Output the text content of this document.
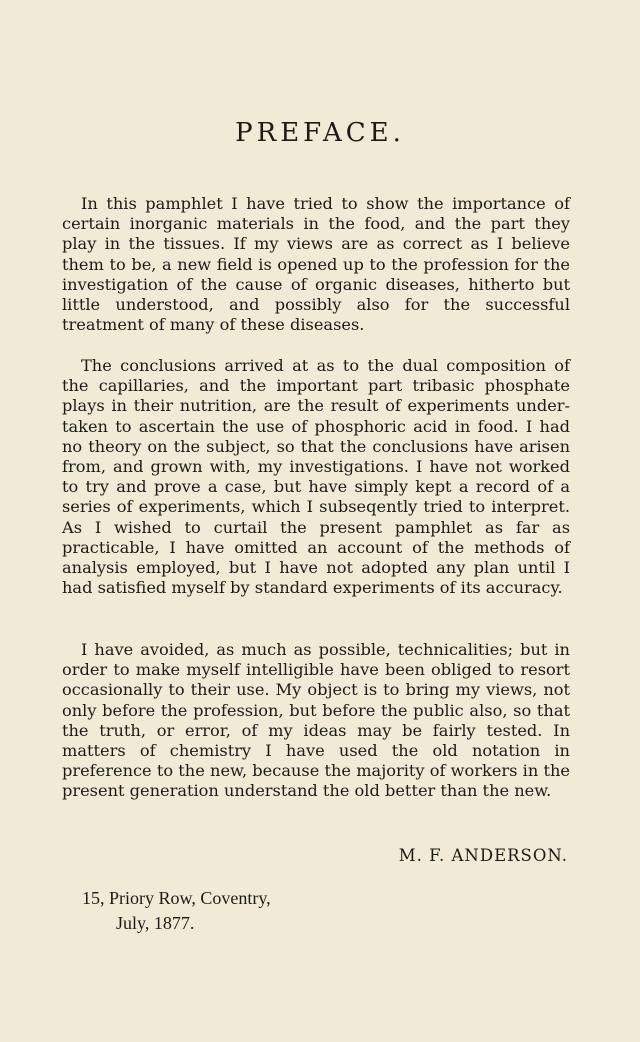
PREFACE.

In this pamphlet I have tried to show the importance of certain inorganic materials in the food, and the part they play in the tissues. If my views are as correct as I believe them to be, a new field is opened up to the profession for the investigation of the cause of organic diseases, hitherto but little understood, and possibly also for the successful treatment of many of these diseases.

The conclusions arrived at as to the dual composition of the capillaries, and the important part tribasic phosphate plays in their nutrition, are the result of experiments under-taken to ascertain the use of phosphoric acid in food. I had no theory on the subject, so that the conclusions have arisen from, and grown with, my investigations. I have not worked to try and prove a case, but have simply kept a record of a series of experiments, which I subseqently tried to interpret. As I wished to curtail the present pamphlet as far as practicable, I have omitted an account of the methods of analysis employed, but I have not adopted any plan until I had satisfied myself by standard experiments of its accuracy.

I have avoided, as much as possible, technicalities; but in order to make myself intelligible have been obliged to resort occasionally to their use. My object is to bring my views, not only before the profession, but before the public also, so that the truth, or error, of my ideas may be fairly tested. In matters of chemistry I have used the old notation in preference to the new, because the majority of workers in the present generation understand the old better than the new.

M. F. ANDERSON.
15, Priory Row, Coventry,
July, 1877.
